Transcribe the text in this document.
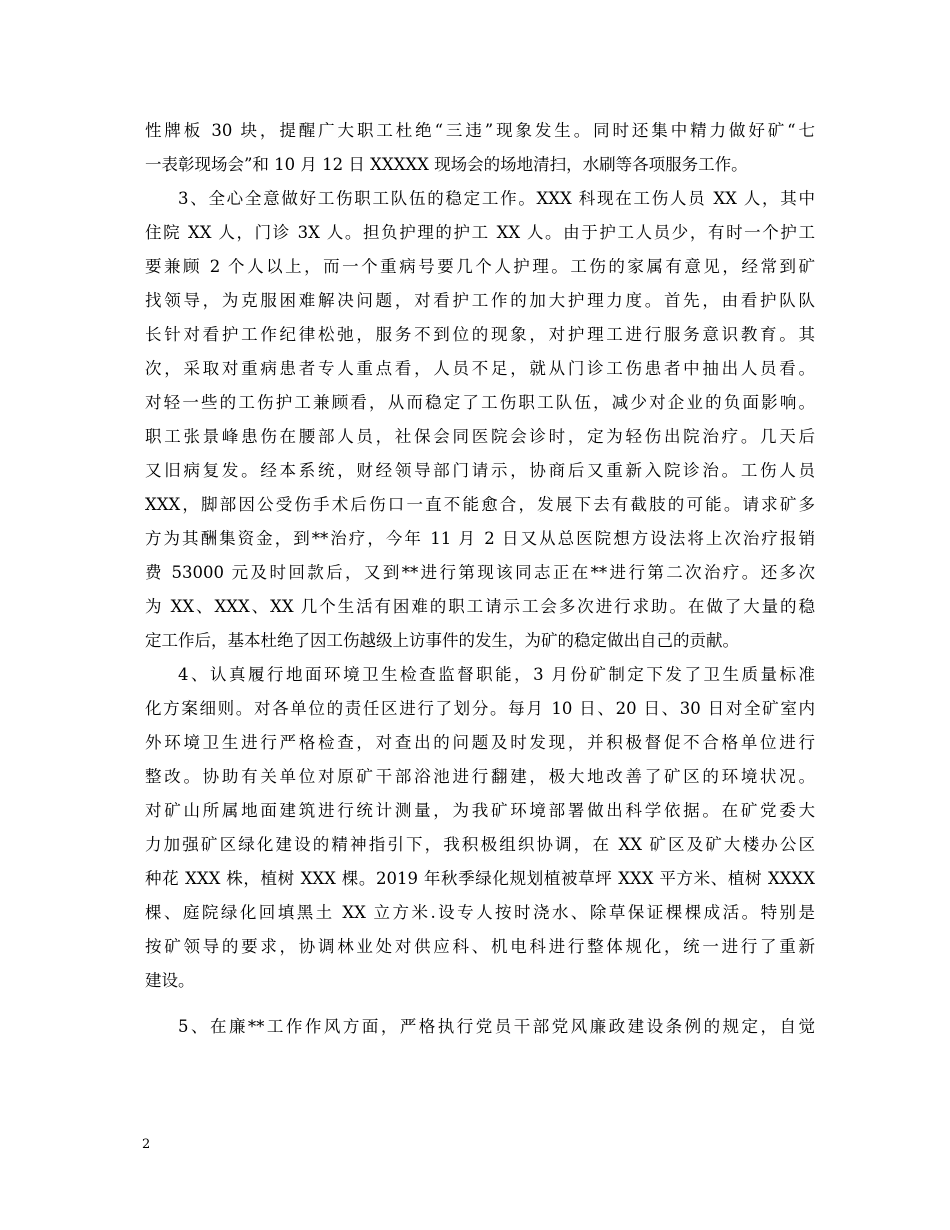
性牌板 30 块，提醒广大职工杜绝“三违”现象发生。同时还集中精力做好矿“七
一表彰现场会”和 10 月 12 日 XXXXX 现场会的场地清扫，水刷等各项服务工作。
3、全心全意做好工伤职工队伍的稳定工作。XXX 科现在工伤人员 XX 人，其中
住院 XX 人，门诊 3X 人。担负护理的护工 XX 人。由于护工人员少，有时一个护工
要兼顾 2 个人以上，而一个重病号要几个人护理。工伤的家属有意见，经常到矿
找领导，为克服困难解决问题，对看护工作的加大护理力度。首先，由看护队队
长针对看护工作纪律松弛，服务不到位的现象，对护理工进行服务意识教育。其
次，采取对重病患者专人重点看，人员不足，就从门诊工伤患者中抽出人员看。
对轻一些的工伤护工兼顾看，从而稳定了工伤职工队伍，减少对企业的负面影响。
职工张景峰患伤在腰部人员，社保会同医院会诊时，定为轻伤出院治疗。几天后
又旧病复发。经本系统，财经领导部门请示，协商后又重新入院诊治。工伤人员
XXX，脚部因公受伤手术后伤口一直不能愈合，发展下去有截肢的可能。请求矿多
方为其酬集资金，到**治疗，今年 11 月 2 日又从总医院想方设法将上次治疗报销
费 53000 元及时回款后，又到**进行第现该同志正在**进行第二次治疗。还多次
为 XX、XXX、XX 几个生活有困难的职工请示工会多次进行求助。在做了大量的稳
定工作后，基本杜绝了因工伤越级上访事件的发生，为矿的稳定做出自己的贡献。
4、认真履行地面环境卫生检查监督职能，3 月份矿制定下发了卫生质量标准
化方案细则。对各单位的责任区进行了划分。每月 10 日、20 日、30 日对全矿室内
外环境卫生进行严格检查，对查出的问题及时发现，并积极督促不合格单位进行
整改。协助有关单位对原矿干部浴池进行翻建，极大地改善了矿区的环境状况。
对矿山所属地面建筑进行统计测量，为我矿环境部署做出科学依据。在矿党委大
力加强矿区绿化建设的精神指引下，我积极组织协调，在 XX 矿区及矿大楼办公区
种花 XXX 株，植树 XXX 棵。2019 年秋季绿化规划植被草坪 XXX 平方米、植树 XXXX
棵、庭院绿化回填黑土 XX 立方米.设专人按时浇水、除草保证棵棵成活。特别是
按矿领导的要求，协调林业处对供应科、机电科进行整体规化，统一进行了重新
建设。
5、在廉**工作作风方面，严格执行党员干部党风廉政建设条例的规定，自觉
2
